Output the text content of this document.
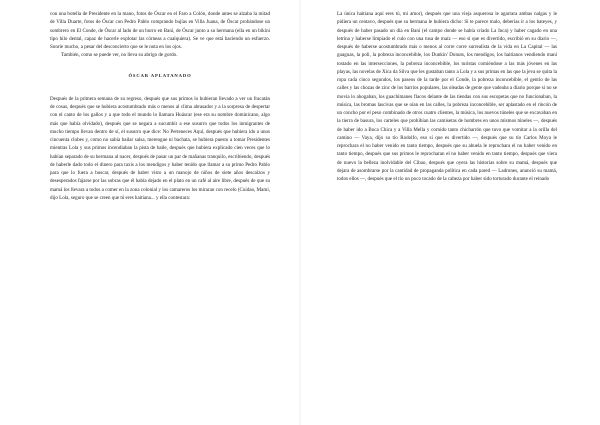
con una botella de Presidente en la mano, fotos de Óscar en el Faro a Colón, donde antes se alzaba la mitad de Villa Duarte, fotos de Óscar con Pedro Pablo comprando bujías en Villa Juana, de Óscar probándose un sombrero en El Conde, de Óscar al lado de un burro en Baní, de Óscar junto a su hermana (ella en un bikini tipo hilo dental, capaz de hacerle explotar las córneas a cualquiera). Se ve que está haciendo un esfuerzo. Sonríe mucho, a pesar del desconcierto que se le nota en los ojos.

También, como se puede ver, no lleva su abrigo de gordo.

ÓSCAR APLATANADO

Después de la primera semana de su regreso, después que sus primos lo hubieran llevado a ver un fracatán de cosas, después que se hubiera acostumbrado más o menos al clima abrasador y a la sorpresa de despertar con el canto de los gallos y a que todo el mundo lo llamara Huáscar (ese era su nombre dominicano, algo más que había olvidado), después que se negara a sucumbir a ese susurro que todos los inmigrantes de mucho tiempo llevan dentro de sí, el susurro que dice: No Perteneces Aquí, después que hubiera ido a unos cincuenta clubes y, como no sabía bailar salsa, merengue ni bachata, se hubiera puesto a tomar Presidentes mientras Lola y sus primos incendiaban la pista de baile, después que hubiera explicado cien veces que lo habían separado de su hermana al nacer, después de pasar un par de mañanas tranquilo, escribiendo, después de haberle dado todo el dinero para taxis a los mendigos y haber tenido que llamar a su primo Pedro Pablo para que lo fuera a buscar, después de haber visto a un manojo de niños de siete años descalzos y desesperados fajarse por las sobras que él había dejado en el plato en un café al aire libre, después de que su mamá los llevara a todos a comer en la zona colonial y los camareros los miraran con recelo (Cuidao, Mami, dijo Lola, seguro que se creen que tú eres haitiana... y ella contestara:

La única haitiana aquí eres tú, mi amor), después que una vieja asquerosa le agarrara ambas nalgas y le pidiera un centavo, después que su hermana le hubiera dicho: Si te parece malo, deberías ir a los bateyes, y después de haber pasado un día en Baní (el campo donde se había criado La Inca) y haber cagado en una letrina y haberse limpiado el culo con una tusa de maíz — eso sí que es divertido, escribió en su diario —, después de haberse acostumbrado más o menos al corre corre surrealista de la vida en La Capital — las guaguas, la poli, la pobreza inconcebible, los Dunkin' Donuts, los mendigos, los haitianos vendiendo maní tostado en las intersecciones, la pobreza inconcebible, los turistas comiéndose a las más jóvenes en las playas, las novelas de Xica da Silva que les gustaban tanto a Lola y a sus primas en las que la jeva se quita la ropa cada cinco segundos, los paseos de la tarde por el Conde, la pobreza inconcebible, el gentío de las calles y las chozas de zinc de los barrios populares, las oleadas de gente que vadeaba a diario porque si no se movía lo ahogaban, los guachimanes flacos delante de las tiendas con sus escopetas que no funcionaban, la música, las bromas lascivas que se oían en las calles, la pobreza inconcebible, ser aplastado en el rincón de un concho por el peso combinado de otros cuatro clientes, la música, los nuevos túneles que se excavaban en la tierra de basura, los carteles que prohibían las camisetas de hombres en unos mismos túneles —, después de haber ido a Boca Chica y a Villa Mella y cornido tanto chicharrón que tuvo que vomitar a la orilla del camino — Vaya, dijo su tío Rodolfo, eso sí que es divertido —, después que su tío Carlos Moya le reprochara el no haber venido en tanto tiempo, después que su abuela le reprochara el no haber venido en tanto tiempo, después que sus primos le reprocharan el no haber venido en tanto tiempo, después que viera de nuevo la belleza inolvidable del Cibao, después que oyera las historias sobre su mamá, después que dejara de asombrarse por la cantidad de propaganda política en cada pared — Ladrones, anunció su mamá, todos ellos —, después que el tío un poco tocado de la cabeza por haber sido torturado durante el reinado
